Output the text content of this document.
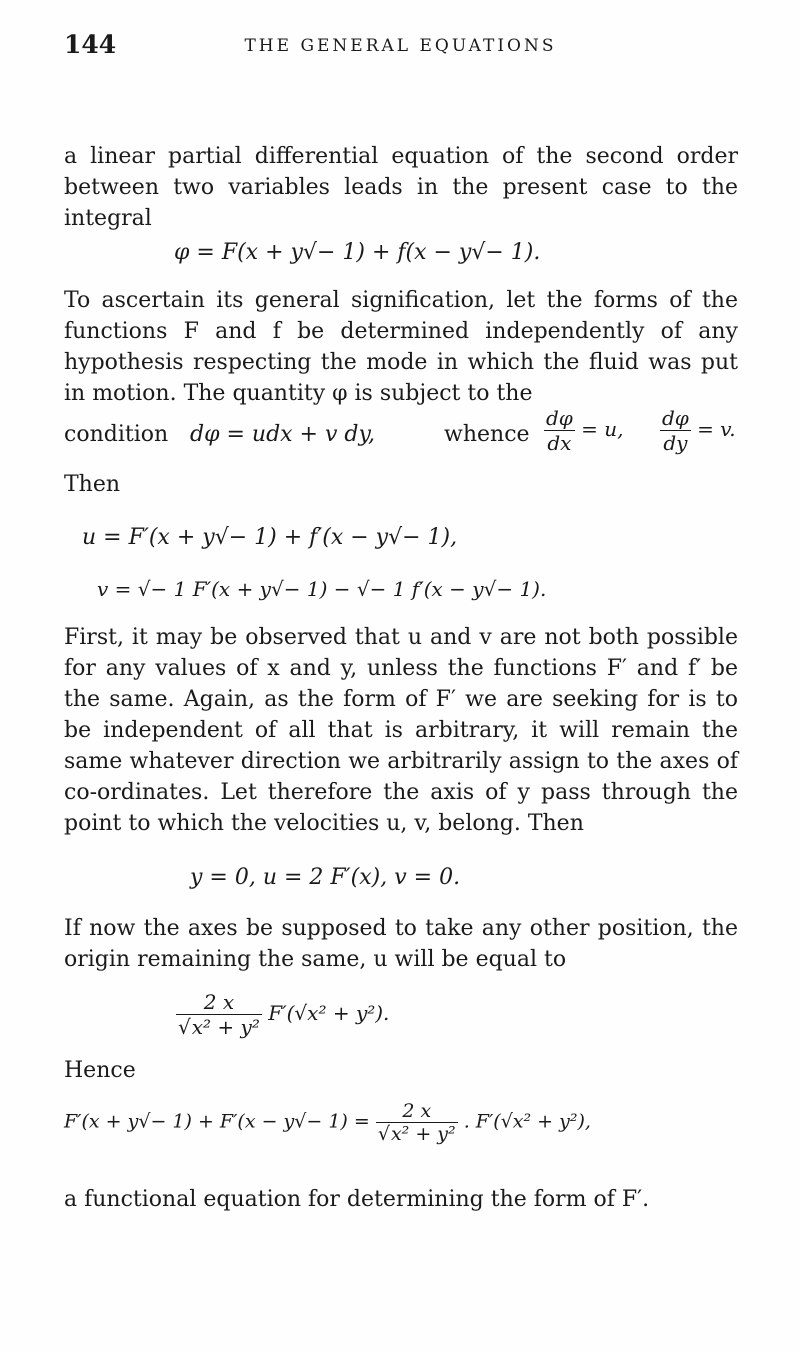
144	THE GENERAL EQUATIONS
a linear partial differential equation of the second order between two variables leads in the present case to the integral
φ = F(x + y√− 1) + f(x − y√− 1).
To ascertain its general signification, let the forms of the functions F and f be determined independently of any hypothesis respecting the mode in which the fluid was put in motion. The quantity φ is subject to the
condition dφ = udx + v dy,	whence $\frac{d\varphi}{dx} = u$, $\frac{d\varphi}{dy} = v$.
Then
u = F′(x + y√− 1) + f′(x − y√− 1),
v = √− 1 F′(x + y√− 1) − √− 1 f′(x − y√− 1).
First, it may be observed that u and v are not both possible for any values of x and y, unless the functions F′ and f′ be the same. Again, as the form of F′ we are seeking for is to be independent of all that is arbitrary, it will remain the same whatever direction we arbitrarily assign to the axes of co-ordinates. Let therefore the axis of y pass through the point to which the velocities u, v, belong. Then
y = 0, u = 2 F′(x), v = 0.
If now the axes be supposed to take any other position, the origin remaining the same, u will be equal to
$\frac{2 x}{\text{√x² + y²}} F'(√x^2 + y^2)$.
Hence
$F'(x + y√- 1) + F'(x - y√- 1) = \frac{2 x}{\text{√x² + y²}}$ . F′(√x² + y²),
a functional equation for determining the form of F′.
